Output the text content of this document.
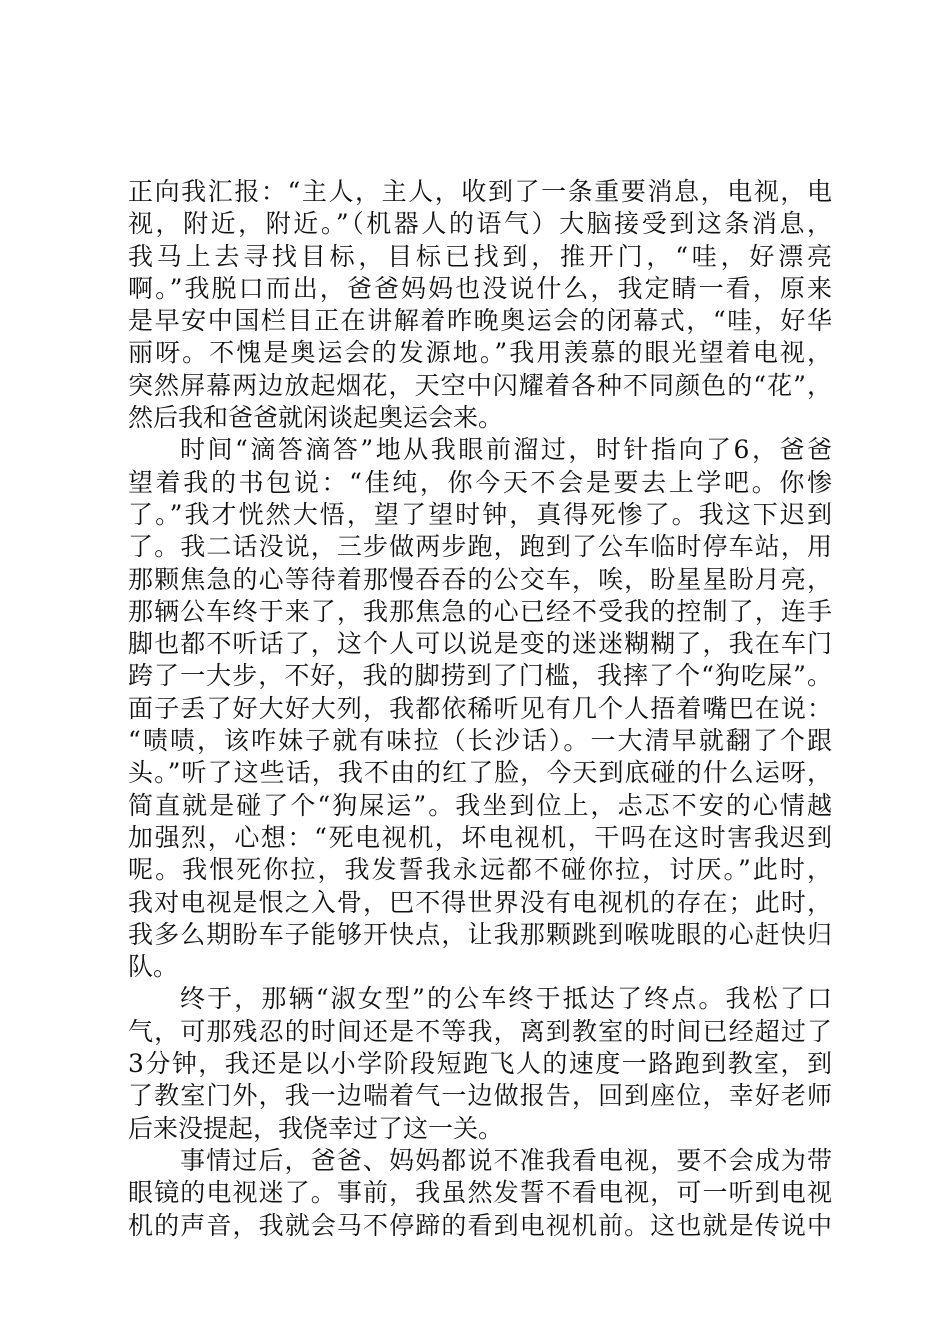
正向我汇报：“主人，主人，收到了一条重要消息，电视，电
视，附近，附近。”（机器人的语气）大脑接受到这条消息，
我马上去寻找目标，目标已找到，推开门，“哇，好漂亮
啊。”我脱口而出，爸爸妈妈也没说什么，我定睛一看，原来
是早安中国栏目正在讲解着昨晚奥运会的闭幕式，“哇，好华
丽呀。不愧是奥运会的发源地。”我用羡慕的眼光望着电视，
突然屏幕两边放起烟花，天空中闪耀着各种不同颜色的“花”，
然后我和爸爸就闲谈起奥运会来。
时间“滴答滴答”地从我眼前溜过，时针指向了6，爸爸
望着我的书包说：“佳纯，你今天不会是要去上学吧。你惨
了。”我才恍然大悟，望了望时钟，真得死惨了。我这下迟到
了。我二话没说，三步做两步跑，跑到了公车临时停车站，用
那颗焦急的心等待着那慢吞吞的公交车，唉，盼星星盼月亮，
那辆公车终于来了，我那焦急的心已经不受我的控制了，连手
脚也都不听话了，这个人可以说是变的迷迷糊糊了，我在车门
跨了一大步，不好，我的脚捞到了门槛，我摔了个“狗吃屎”。
面子丢了好大好大列，我都依稀听见有几个人捂着嘴巴在说：
“啧啧，该咋妹子就有味拉（长沙话）。一大清早就翻了个跟
头。”听了这些话，我不由的红了脸，今天到底碰的什么运呀，
简直就是碰了个“狗屎运”。我坐到位上，忐忑不安的心情越
加强烈，心想：“死电视机，坏电视机，干吗在这时害我迟到
呢。我恨死你拉，我发誓我永远都不碰你拉，讨厌。”此时，
我对电视是恨之入骨，巴不得世界没有电视机的存在；此时，
我多么期盼车子能够开快点，让我那颗跳到喉咙眼的心赶快归
队。
终于，那辆“淑女型”的公车终于抵达了终点。我松了口
气，可那残忍的时间还是不等我，离到教室的时间已经超过了
3分钟，我还是以小学阶段短跑飞人的速度一路跑到教室，到
了教室门外，我一边喘着气一边做报告，回到座位，幸好老师
后来没提起，我侥幸过了这一关。
事情过后，爸爸、妈妈都说不准我看电视，要不会成为带
眼镜的电视迷了。事前，我虽然发誓不看电视，可一听到电视
机的声音，我就会马不停蹄的看到电视机前。这也就是传说中
